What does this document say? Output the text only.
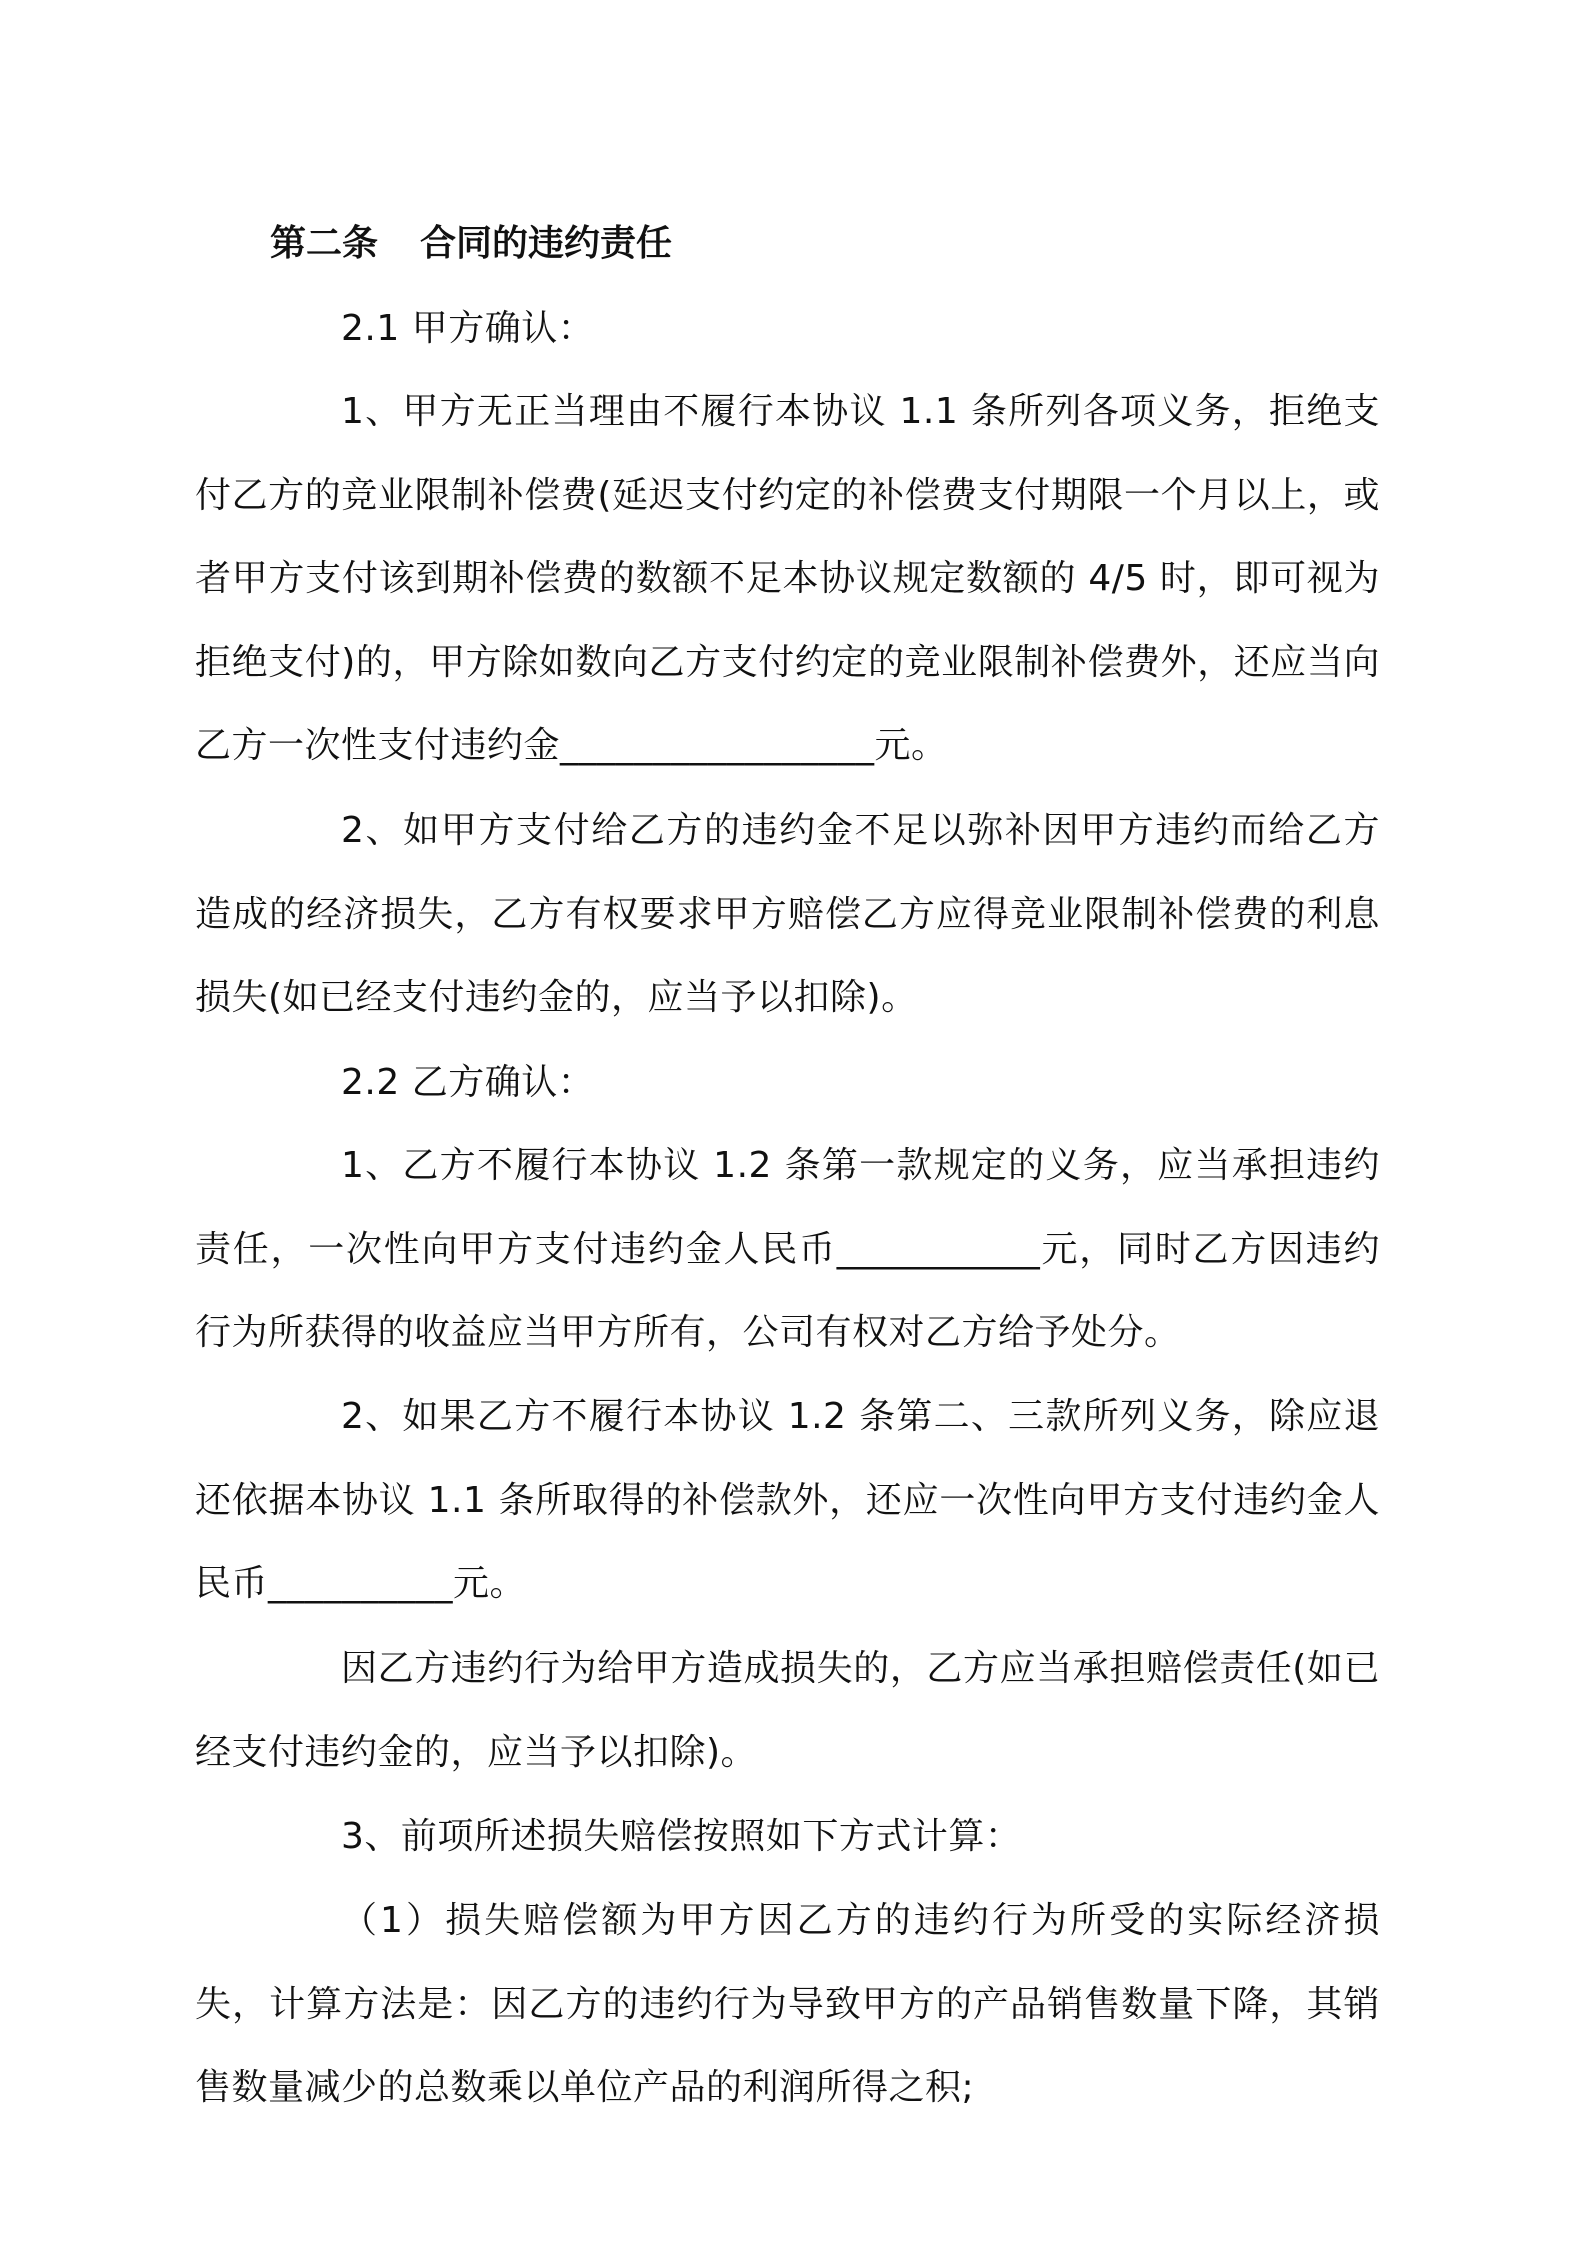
第二条 合同的违约责任

2.1 甲方确认：

1、甲方无正当理由不履行本协议 1.1 条所列各项义务，拒绝支付乙方的竞业限制补偿费(延迟支付约定的补偿费支付期限一个月以上，或者甲方支付该到期补偿费的数额不足本协议规定数额的 4/5 时，即可视为拒绝支付)的，甲方除如数向乙方支付约定的竞业限制补偿费外，还应当向乙方一次性支付违约金_________________元。

2、如甲方支付给乙方的违约金不足以弥补因甲方违约而给乙方造成的经济损失，乙方有权要求甲方赔偿乙方应得竞业限制补偿费的利息损失(如已经支付违约金的，应当予以扣除)。

2.2 乙方确认：

1、乙方不履行本协议 1.2 条第一款规定的义务，应当承担违约责任，一次性向甲方支付违约金人民币___________元，同时乙方因违约行为所获得的收益应当甲方所有，公司有权对乙方给予处分。

2、如果乙方不履行本协议 1.2 条第二、三款所列义务，除应退还依据本协议 1.1 条所取得的补偿款外，还应一次性向甲方支付违约金人民币__________元。

因乙方违约行为给甲方造成损失的，乙方应当承担赔偿责任(如已经支付违约金的，应当予以扣除)。

3、前项所述损失赔偿按照如下方式计算：

（1）损失赔偿额为甲方因乙方的违约行为所受的实际经济损失，计算方法是：因乙方的违约行为导致甲方的产品销售数量下降，其销售数量减少的总数乘以单位产品的利润所得之积;
